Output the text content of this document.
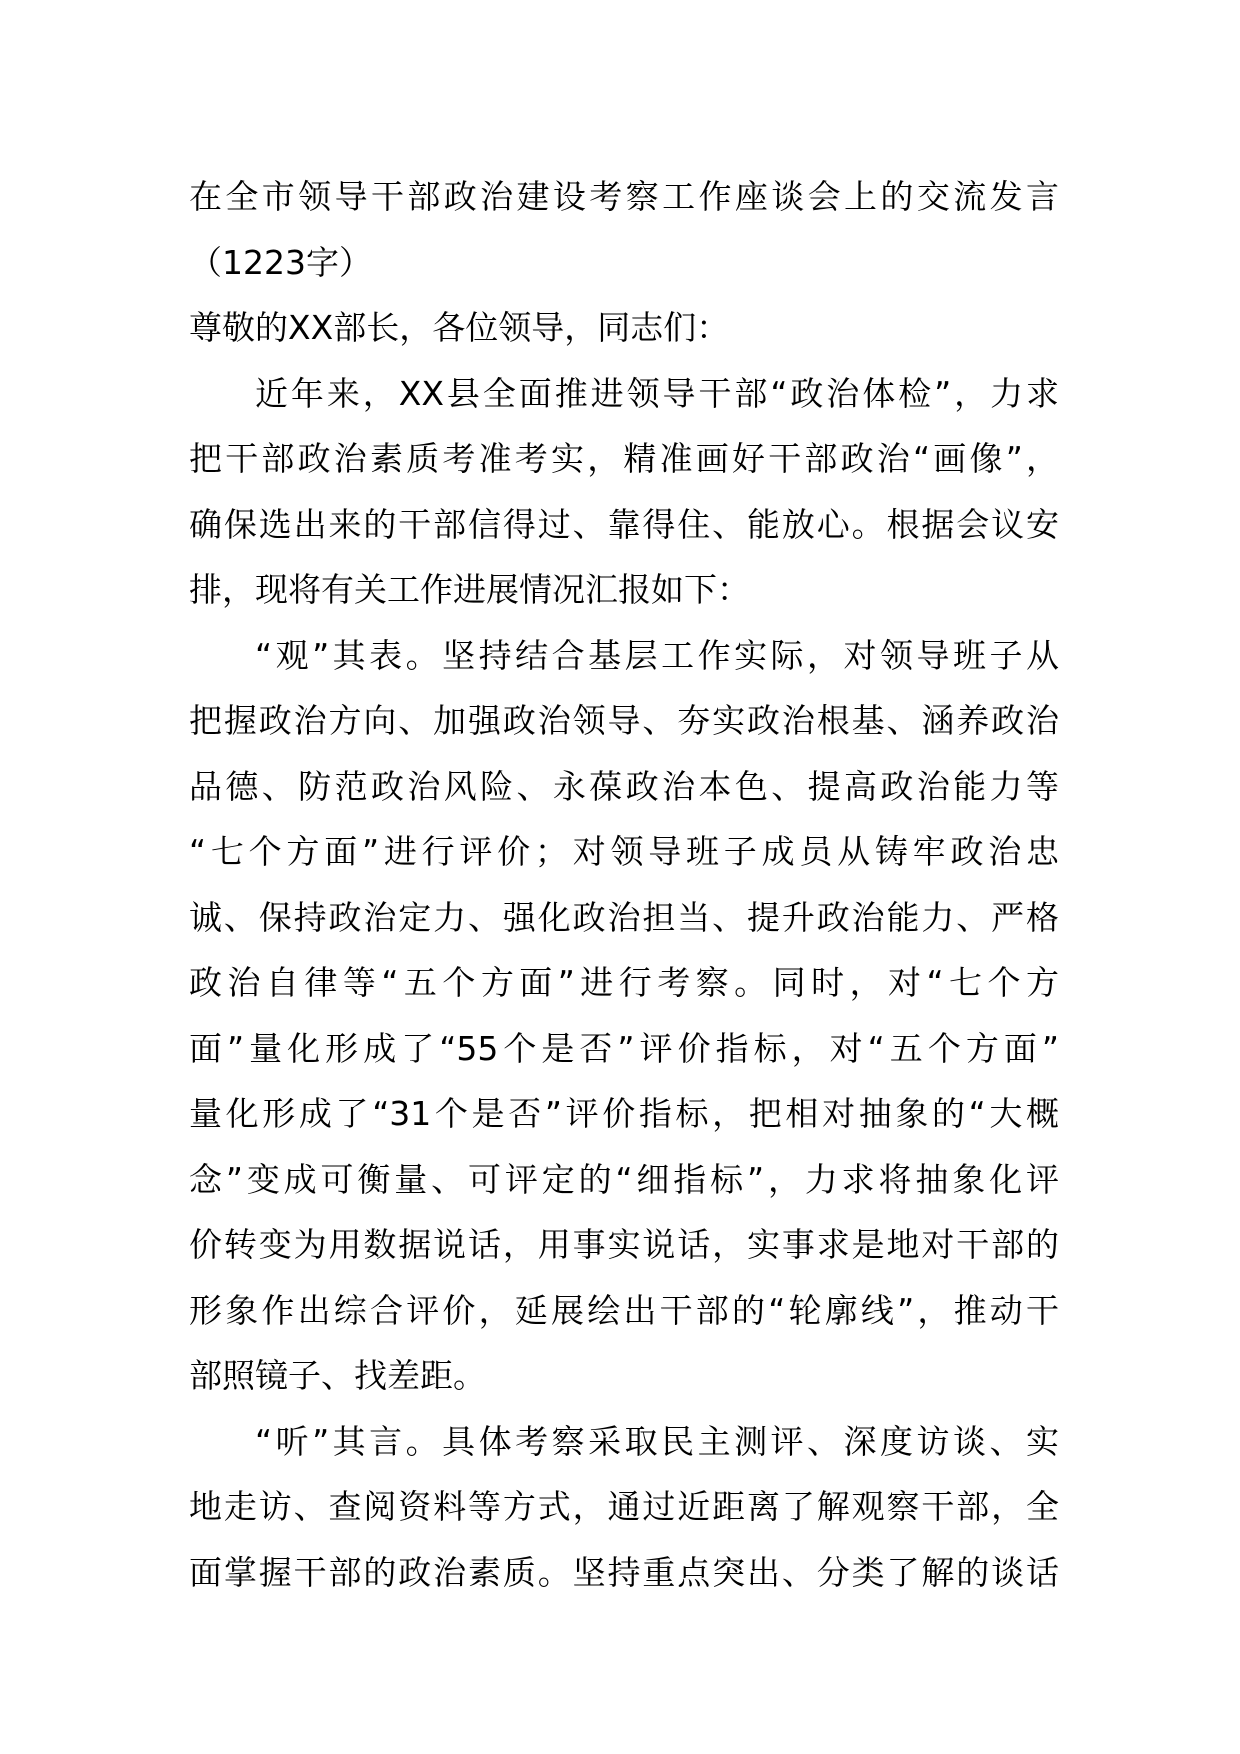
在全市领导干部政治建设考察工作座谈会上的交流发言
（1223字）
尊敬的XX部长，各位领导，同志们：
近年来，XX县全面推进领导干部“政治体检”，力求
把干部政治素质考准考实，精准画好干部政治“画像”，
确保选出来的干部信得过、靠得住、能放心。根据会议安
排，现将有关工作进展情况汇报如下：
“观”其表。坚持结合基层工作实际，对领导班子从
把握政治方向、加强政治领导、夯实政治根基、涵养政治
品德、防范政治风险、永葆政治本色、提高政治能力等
“七个方面”进行评价；对领导班子成员从铸牢政治忠
诚、保持政治定力、强化政治担当、提升政治能力、严格
政治自律等“五个方面”进行考察。同时，对“七个方
面”量化形成了“55个是否”评价指标，对“五个方面”
量化形成了“31个是否”评价指标，把相对抽象的“大概
念”变成可衡量、可评定的“细指标”，力求将抽象化评
价转变为用数据说话，用事实说话，实事求是地对干部的
形象作出综合评价，延展绘出干部的“轮廓线”，推动干
部照镜子、找差距。
“听”其言。具体考察采取民主测评、深度访谈、实
地走访、查阅资料等方式，通过近距离了解观察干部，全
面掌握干部的政治素质。坚持重点突出、分类了解的谈话
